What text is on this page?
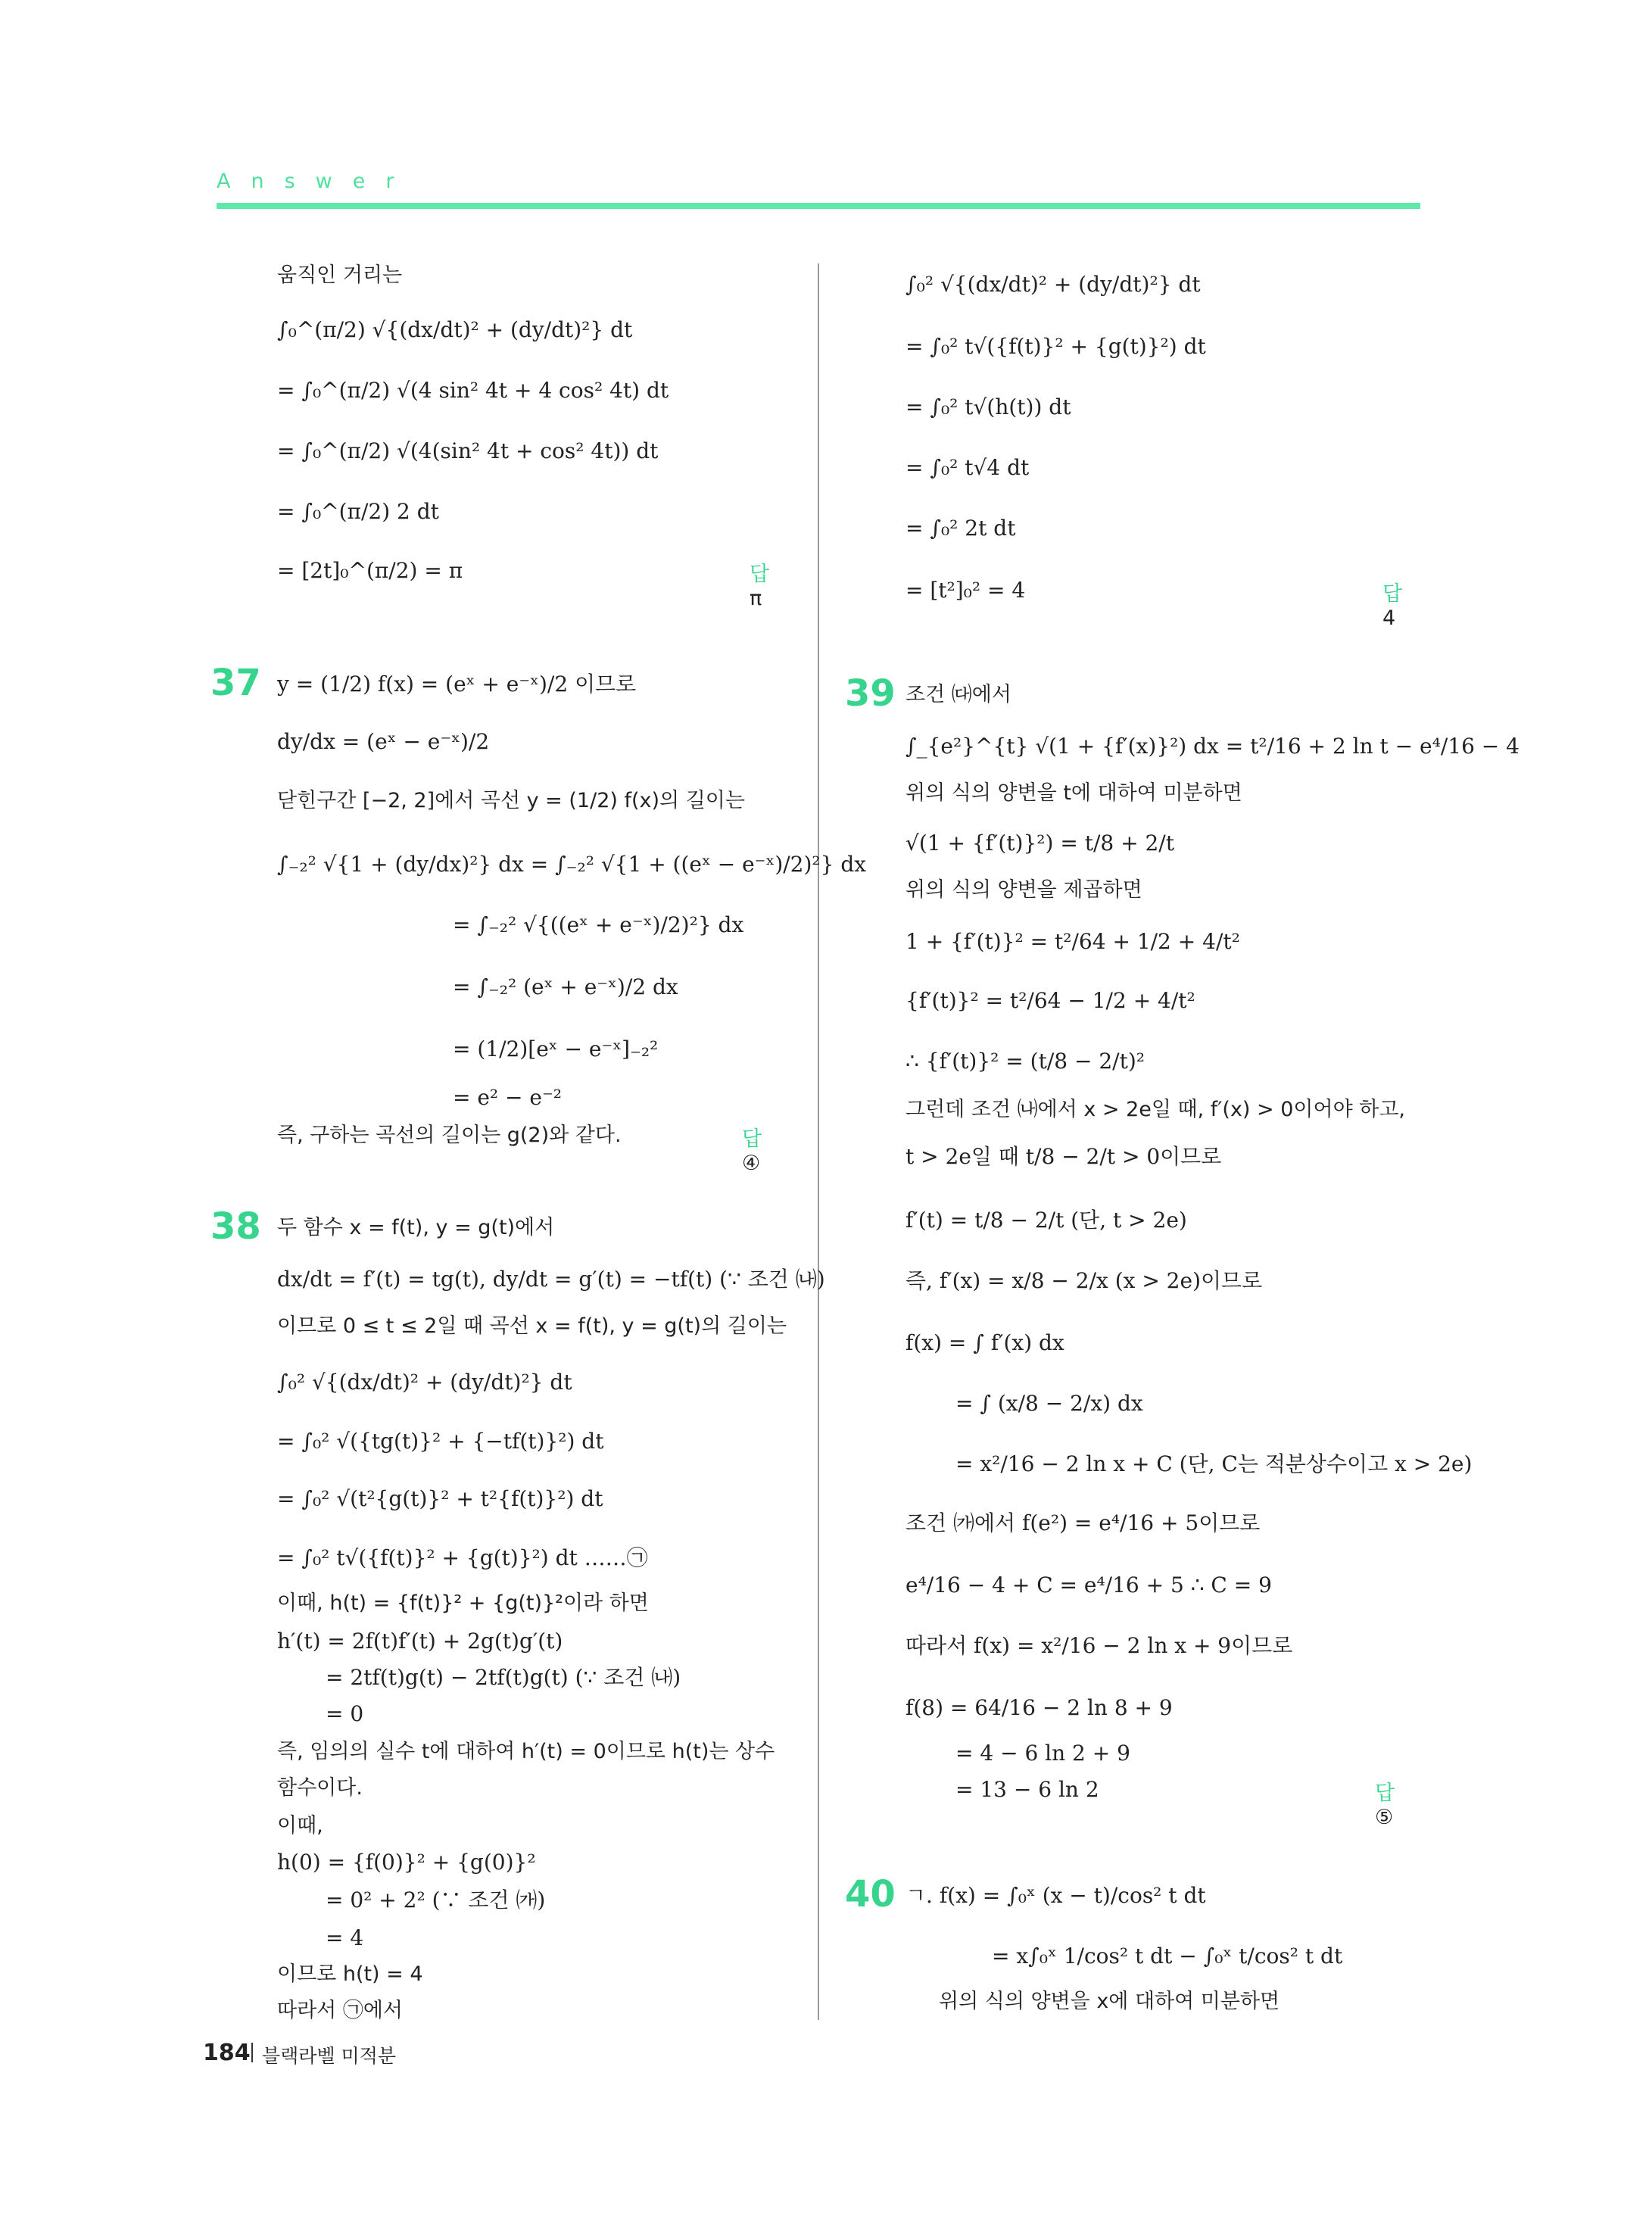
Answer
움직인 거리는
∫₀^(π/2) √{(dx/dt)² + (dy/dt)²} dt
= ∫₀^(π/2) √(4 sin² 4t + 4 cos² 4t) dt
= ∫₀^(π/2) √(4(sin² 4t + cos² 4t)) dt
= ∫₀^(π/2) 2 dt
= [2t]₀^(π/2) = π	답 π
37 y = (1/2) f(x) = (eˣ + e⁻ˣ)/2 이므로
dy/dx = (eˣ − e⁻ˣ)/2
닫힌구간 [−2, 2]에서 곡선 y = (1/2) f(x)의 길이는
∫₋₂² √{1 + (dy/dx)²} dx = ∫₋₂² √{1 + ((eˣ − e⁻ˣ)/2)²} dx
= ∫₋₂² √{((eˣ + e⁻ˣ)/2)²} dx
= ∫₋₂² (eˣ + e⁻ˣ)/2 dx
= (1/2)[eˣ − e⁻ˣ]₋₂²
= e² − e⁻²
즉, 구하는 곡선의 길이는 g(2)와 같다.	답 ④
38 두 함수 x = f(t), y = g(t)에서
dx/dt = f′(t) = tg(t), dy/dt = g′(t) = −tf(t) (∵ 조건 ㈏)
이므로 0 ≤ t ≤ 2일 때 곡선 x = f(t), y = g(t)의 길이는
∫₀² √{(dx/dt)² + (dy/dt)²} dt
= ∫₀² √({tg(t)}² + {−tf(t)}²) dt
= ∫₀² √(t²{g(t)}² + t²{f(t)}²) dt
= ∫₀² t√({f(t)}² + {g(t)}²) dt ……㉠
이때, h(t) = {f(t)}² + {g(t)}²이라 하면
h′(t) = 2f(t)f′(t) + 2g(t)g′(t)
= 2tf(t)g(t) − 2tf(t)g(t) (∵ 조건 ㈏)
= 0
즉, 임의의 실수 t에 대하여 h′(t) = 0이므로 h(t)는 상수
함수이다.
이때,
h(0) = {f(0)}² + {g(0)}²
= 0² + 2² (∵ 조건 ㈎)
= 4
이므로 h(t) = 4
따라서 ㉠에서
∫₀² √{(dx/dt)² + (dy/dt)²} dt
= ∫₀² t√({f(t)}² + {g(t)}²) dt
= ∫₀² t√(h(t)) dt
= ∫₀² t√4 dt
= ∫₀² 2t dt
= [t²]₀² = 4	답 4
39 조건 ㈐에서
∫_{e²}^{t} √(1 + {f′(x)}²) dx = t²/16 + 2 ln t − e⁴/16 − 4
위의 식의 양변을 t에 대하여 미분하면
√(1 + {f′(t)}²) = t/8 + 2/t
위의 식의 양변을 제곱하면
1 + {f′(t)}² = t²/64 + 1/2 + 4/t²
{f′(t)}² = t²/64 − 1/2 + 4/t²
∴ {f′(t)}² = (t/8 − 2/t)²
그런데 조건 ㈏에서 x > 2e일 때, f′(x) > 0이어야 하고,
t > 2e일 때 t/8 − 2/t > 0이므로
f′(t) = t/8 − 2/t (단, t > 2e)
즉, f′(x) = x/8 − 2/x (x > 2e)이므로
f(x) = ∫ f′(x) dx
= ∫ (x/8 − 2/x) dx
= x²/16 − 2 ln x + C (단, C는 적분상수이고 x > 2e)
조건 ㈎에서 f(e²) = e⁴/16 + 5이므로
e⁴/16 − 4 + C = e⁴/16 + 5 ∴ C = 9
따라서 f(x) = x²/16 − 2 ln x + 9이므로
f(8) = 64/16 − 2 ln 8 + 9
= 4 − 6 ln 2 + 9
= 13 − 6 ln 2	답 ⑤
40 ㄱ. f(x) = ∫₀ˣ (x − t)/cos² t dt
= x∫₀ˣ 1/cos² t dt − ∫₀ˣ t/cos² t dt
위의 식의 양변을 x에 대하여 미분하면
184 블랙라벨 미적분
